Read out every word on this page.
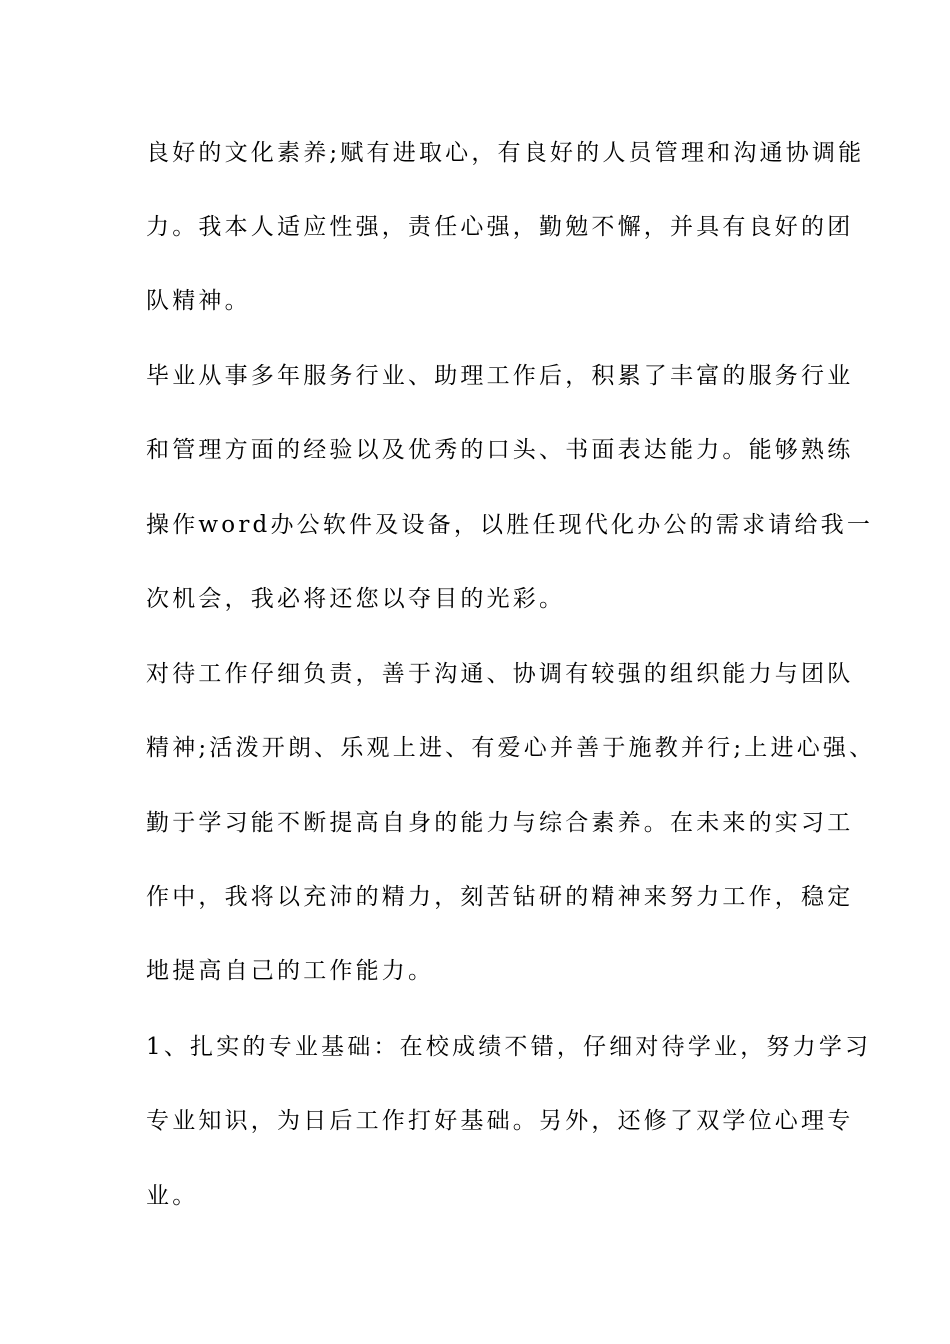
良好的文化素养;赋有进取心，有良好的人员管理和沟通协调能
力。我本人适应性强，责任心强，勤勉不懈，并具有良好的团
队精神。
毕业从事多年服务行业、助理工作后，积累了丰富的服务行业
和管理方面的经验以及优秀的口头、书面表达能力。能够熟练
操作word办公软件及设备，以胜任现代化办公的需求请给我一
次机会，我必将还您以夺目的光彩。
对待工作仔细负责，善于沟通、协调有较强的组织能力与团队
精神;活泼开朗、乐观上进、有爱心并善于施教并行;上进心强、
勤于学习能不断提高自身的能力与综合素养。在未来的实习工
作中，我将以充沛的精力，刻苦钻研的精神来努力工作，稳定
地提高自己的工作能力。
1、扎实的专业基础：在校成绩不错，仔细对待学业，努力学习
专业知识，为日后工作打好基础。另外，还修了双学位心理专
业。
